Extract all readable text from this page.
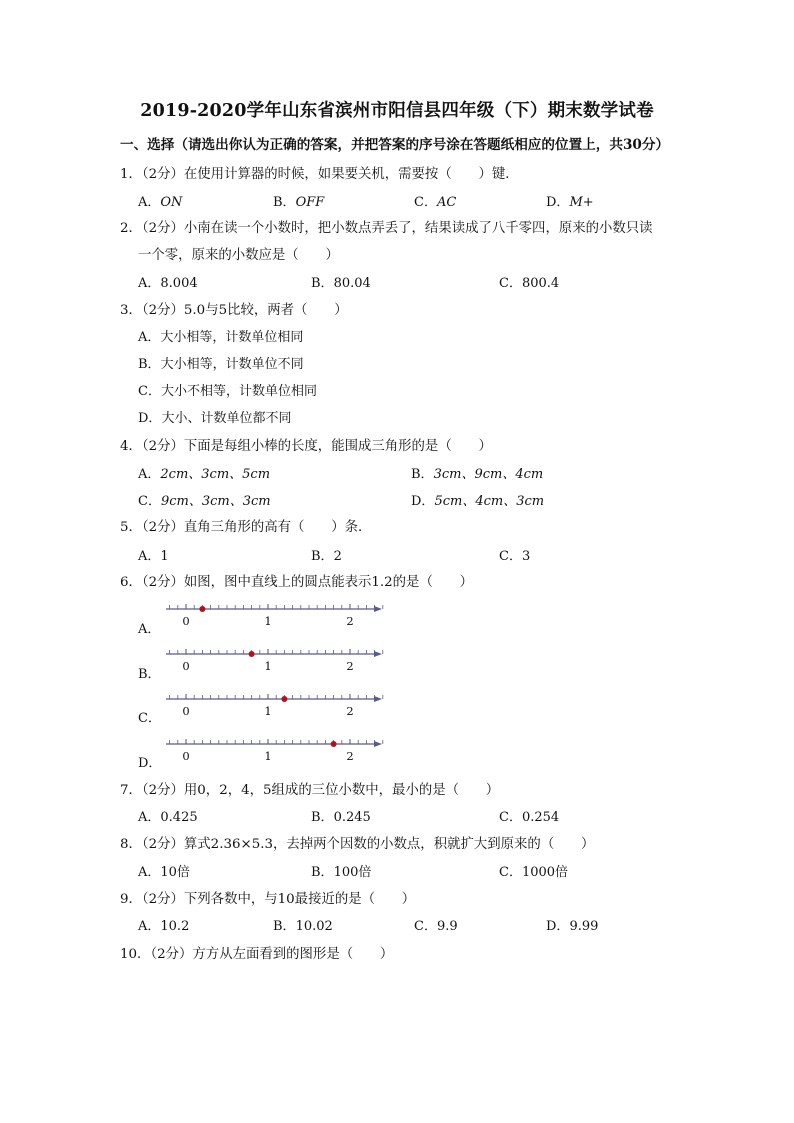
2019-2020学年山东省滨州市阳信县四年级（下）期末数学试卷
一、选择（请选出你认为正确的答案，并把答案的序号涂在答题纸相应的位置上，共30分）
1．（2分）在使用计算器的时候，如果要关机，需要按（　　）键．
A．ON	B．OFF	C．AC	D．M+
2．（2分）小南在读一个小数时，把小数点弄丢了，结果读成了八千零四，原来的小数只读
一个零，原来的小数应是（　　）
A．8.004	B．80.04	C．800.4
3．（2分）5.0与5比较，两者（　　）
A．大小相等，计数单位相同
B．大小相等，计数单位不同
C．大小不相等，计数单位相同
D．大小、计数单位都不同
4．（2分）下面是每组小棒的长度，能围成三角形的是（　　）
A．2cm、3cm、5cm	B．3cm、9cm、4cm
C．9cm、3cm、3cm	D．5cm、4cm、3cm
5．（2分）直角三角形的高有（　　）条．
A．1	B．2	C．3
6．（2分）如图，图中直线上的圆点能表示1.2的是（　　）
A．
0	1	2
B．
0	1	2
C． 0	1	2
D． 0	1	2
7．（2分）用0，2，4，5组成的三位小数中，最小的是（　　）
A．0.425	B．0.245	C．0.254
8．（2分）算式2.36×5.3，去掉两个因数的小数点，积就扩大到原来的（　　）
A．10倍	B．100倍	C．1000倍
9．（2分）下列各数中，与10最接近的是（　　）
A．10.2	B．10.02	C．9.9	D．9.99
10．（2分）方方从左面看到的图形是（　　）
